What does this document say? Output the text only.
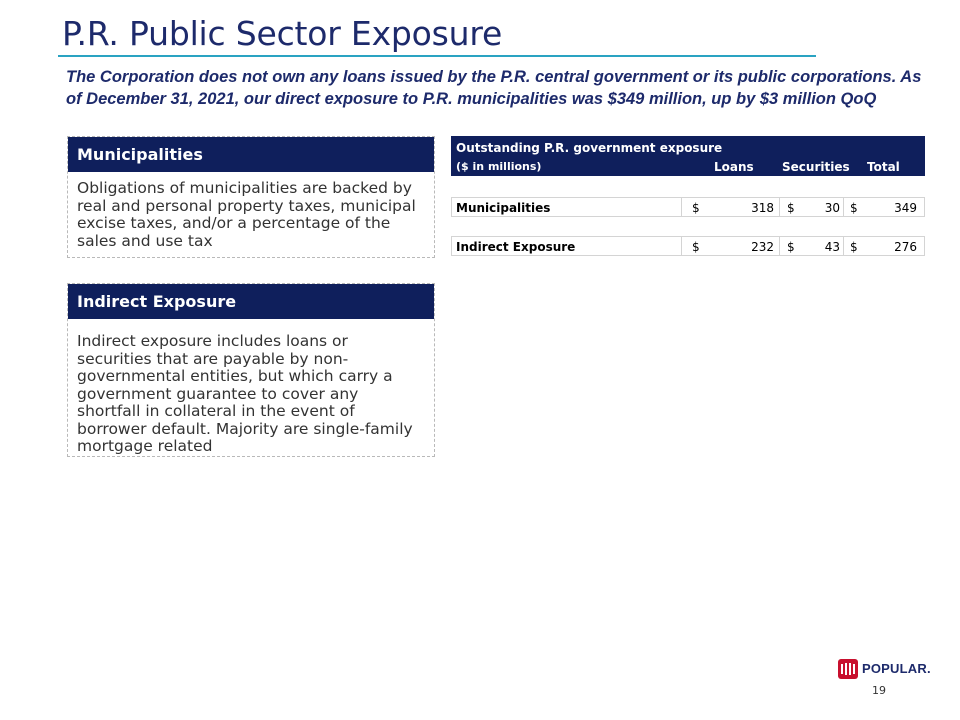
P.R. Public Sector Exposure

The Corporation does not own any loans issued by the P.R. central government or its public corporations. As of December 31, 2021, our direct exposure to P.R. municipalities was $349 million, up by $3 million QoQ

Municipalities
Obligations of municipalities are backed by real and personal property taxes, municipal excise taxes, and/or a percentage of the sales and use tax
Indirect Exposure
Indirect exposure includes loans or securities that are payable by non-governmental entities, but which carry a government guarantee to cover any shortfall in collateral in the event of borrower default. Majority are single-family mortgage related
Outstanding P.R. government exposure
($ in millions)	Loans Securities Total
Municipalities	$	318 $	30 $	349
Indirect Exposure	$	232 $	43 $	276
POPULAR.
19
